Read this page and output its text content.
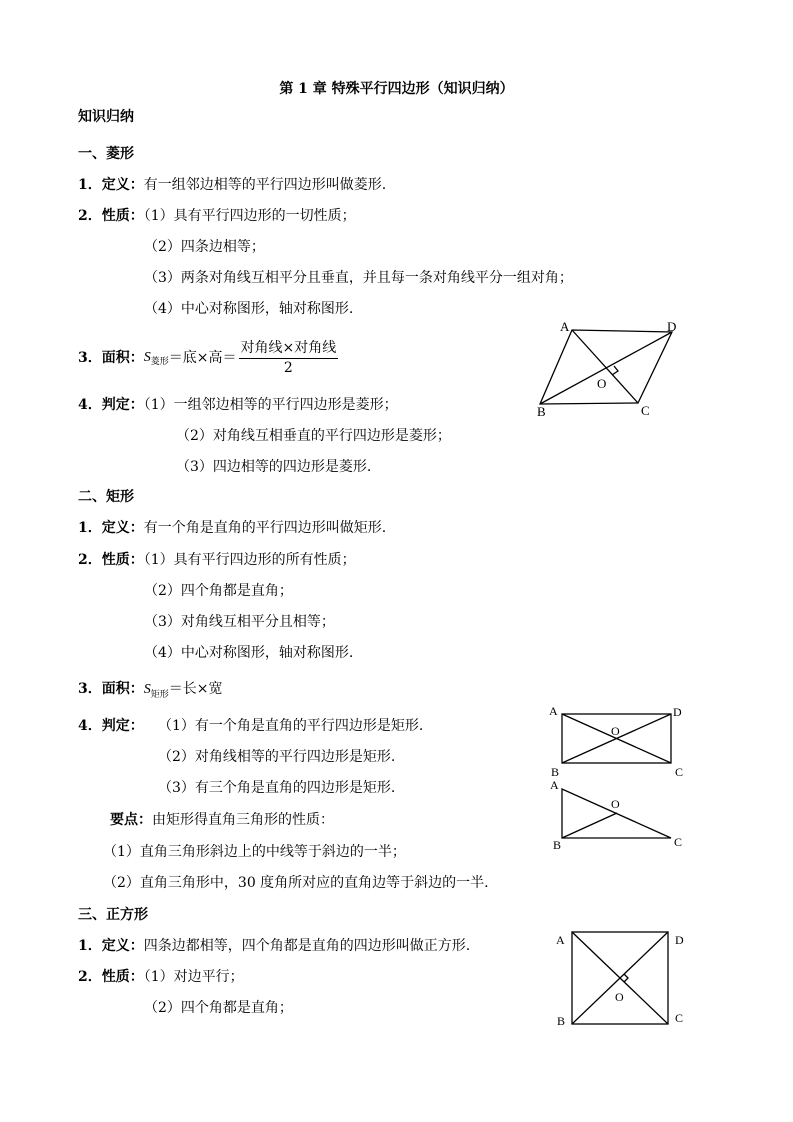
第 1 章 特殊平行四边形（知识归纳）
知识归纳
一、菱形
1．定义：有一组邻边相等的平行四边形叫做菱形.
2．性质：（1）具有平行四边形的一切性质；
（2）四条边相等；
（3）两条对角线互相平分且垂直，并且每一条对角线平分一组对角；
（4）中心对称图形，轴对称图形.
3．面积： S 菱形 ＝底×高＝ $\frac{\text{对角线×对角线}}{2}$
4．判定：（1）一组邻边相等的平行四边形是菱形；
（2）对角线互相垂直的平行四边形是菱形；
（3）四边相等的四边形是菱形.
A	D
B	C
O
二、矩形
1．定义：有一个角是直角的平行四边形叫做矩形.
2．性质：（1）具有平行四边形的所有性质；
（2）四个角都是直角；
（3）对角线互相平分且相等；
（4）中心对称图形，轴对称图形.
3．面积：$S_{矩形}=$长×宽
4．判定： （1）有一个角是直角的平行四边形是矩形.
（2）对角线相等的平行四边形是矩形.
（3）有三个角是直角的四边形是矩形.
要点：由矩形得直角三角形的性质：
（1）直角三角形斜边上的中线等于斜边的一半；
（2）直角三角形中，30 度角所对应的直角边等于斜边的一半.
A	D
B	C
O
A
B	C
O
三、正方形
1．定义：四条边都相等，四个角都是直角的四边形叫做正方形.
2．性质：（1）对边平行；
（2）四个角都是直角；
A	D
B	C
O
